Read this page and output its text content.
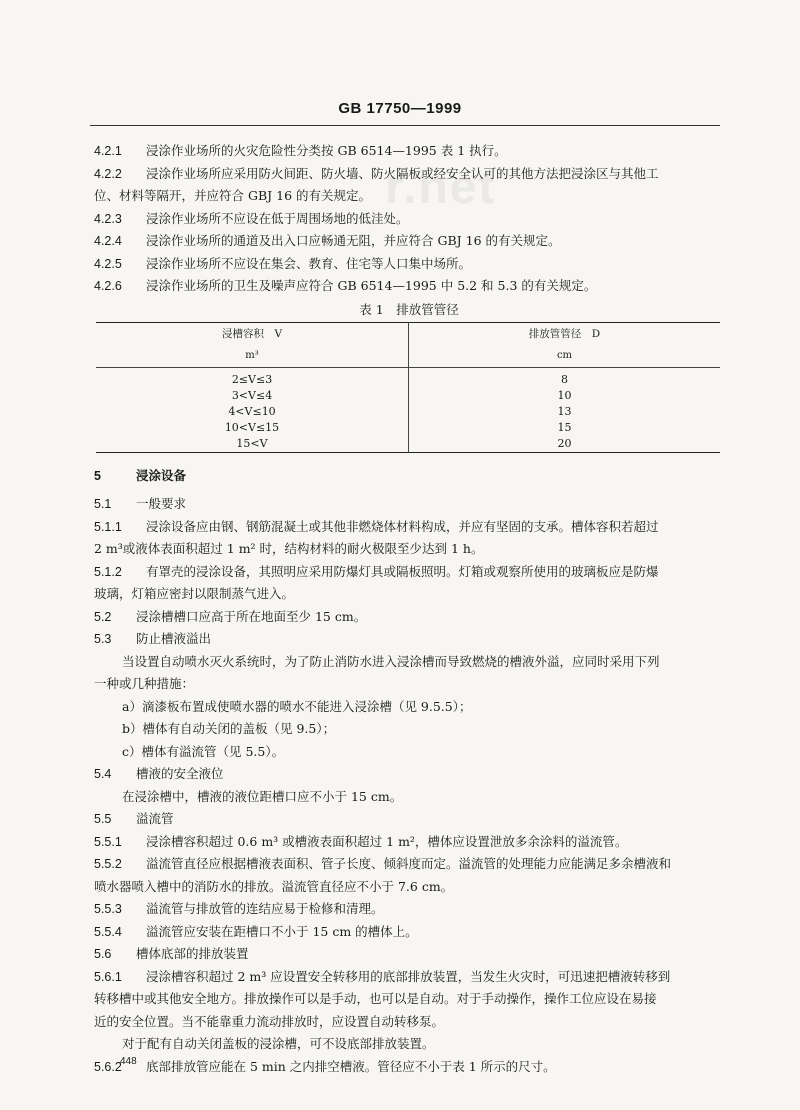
r.net
GB 17750—1999
4.2.1 浸涂作业场所的火灾危险性分类按 GB 6514—1995 表 1 执行。
4.2.2 浸涂作业场所应采用防火间距、防火墙、防火隔板或经安全认可的其他方法把浸涂区与其他工
位、材料等隔开，并应符合 GBJ 16 的有关规定。
4.2.3 浸涂作业场所不应设在低于周围场地的低洼处。
4.2.4 浸涂作业场所的通道及出入口应畅通无阻，并应符合 GBJ 16 的有关规定。
4.2.5 浸涂作业场所不应设在集会、教育、住宅等人口集中场所。
4.2.6 浸涂作业场所的卫生及噪声应符合 GB 6514—1995 中 5.2 和 5.3 的有关规定。
表 1　排放管管径
浸槽容积　V	排放管管径　D
m³	cm
2≤V≤3	8
3<V≤4	10
4<V≤10	13
10<V≤15	15
15<V	20
5	浸涂设备
5.1 一般要求
5.1.1 浸涂设备应由钢、钢筋混凝土或其他非燃烧体材料构成，并应有坚固的支承。槽体容积若超过
2 m³或液体表面积超过 1 m² 时，结构材料的耐火极限至少达到 1 h。
5.1.2 有罩壳的浸涂设备，其照明应采用防爆灯具或隔板照明。灯箱或观察所使用的玻璃板应是防爆
玻璃，灯箱应密封以限制蒸气进入。
5.2 浸涂槽槽口应高于所在地面至少 15 cm。
5.3 防止槽液溢出
当设置自动喷水灭火系统时，为了防止消防水进入浸涂槽而导致燃烧的槽液外溢，应同时采用下列
一种或几种措施：
a）滴漆板布置成使喷水器的喷水不能进入浸涂槽（见 9.5.5）；
b）槽体有自动关闭的盖板（见 9.5）；
c）槽体有溢流管（见 5.5）。
5.4 槽液的安全液位
在浸涂槽中，槽液的液位距槽口应不小于 15 cm。
5.5 溢流管
5.5.1 浸涂槽容积超过 0.6 m³ 或槽液表面积超过 1 m²，槽体应设置泄放多余涂料的溢流管。
5.5.2 溢流管直径应根据槽液表面积、管子长度、倾斜度而定。溢流管的处理能力应能满足多余槽液和
喷水器喷入槽中的消防水的排放。溢流管直径应不小于 7.6 cm。
5.5.3 溢流管与排放管的连结应易于检修和清理。
5.5.4 溢流管应安装在距槽口不小于 15 cm 的槽体上。
5.6 槽体底部的排放装置
5.6.1 浸涂槽容积超过 2 m³ 应设置安全转移用的底部排放装置，当发生火灾时，可迅速把槽液转移到
转移槽中或其他安全地方。排放操作可以是手动，也可以是自动。对于手动操作，操作工位应设在易接
近的安全位置。当不能靠重力流动排放时，应设置自动转移泵。
对于配有自动关闭盖板的浸涂槽，可不设底部排放装置。
5.6.2 底部排放管应能在 5 min 之内排空槽液。管径应不小于表 1 所示的尺寸。
448
